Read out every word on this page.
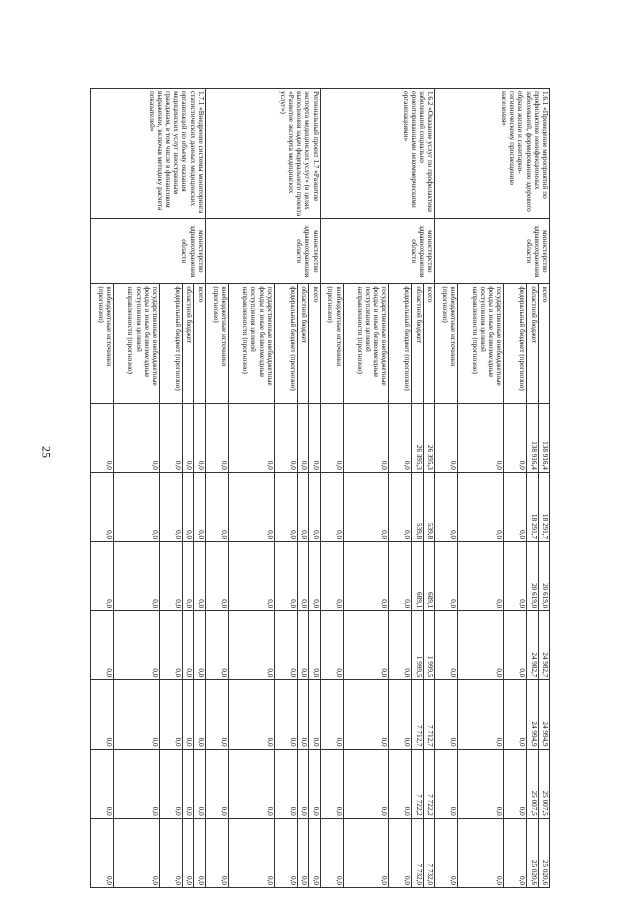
25
1.6.1 «Проведение мероприятий по профилактике неинфекционных заболеваний, формированию здорового образа жизни и санитарно-гигиеническому просвещению населения»	министерство здравоохранения области	всего	138 916,4	18 291,7	20 619,0	24 982,7	24 994,9	25 007,5	25 020,6
		областной бюджет	138 916,4	18 291,7	20 619,0	24 982,7	24 994,9	25 007,5	25 020,6
		федеральный бюджет (прогнозно)	0,0	0,0	0,0	0,0	0,0	0,0	0,0
		государственные внебюджетные фонды и иные безвозмездные поступления целевой направленности (прогнозно)	0,0	0,0	0,0	0,0	0,0	0,0	0,0
		внебюджетные источники (прогнозно)	0,0	0,0	0,0	0,0	0,0	0,0	0,0
1.6.2 «Оказание услуг по профилактике заболеваний социально ориентированными некоммерческими организациями»	министерство здравоохранения области	всего	26 395,3	539,8	689,1	1 999,5	7 712,7	7 722,2	7 732,0
		областной бюджет	26 395,3	539,8	689,1	1 999,5	7 712,7	7 722,2	7 732,0
		федеральный бюджет (прогнозно)	0,0	0,0	0,0	0,0	0,0	0,0	0,0
		государственные внебюджетные фонды и иные безвозмездные поступления целевой направленности (прогнозно)	0,0	0,0	0,0	0,0	0,0	0,0	0,0
		внебюджетные источники (прогнозно)	0,0	0,0	0,0	0,0	0,0	0,0	0,0
Региональный проект 1.7 «Развитие экспорта медицинских услуг» (в целях выполнения задач федерального проекта «Развитие экспорта медицинских услуг»)	министерство здравоохранения области	всего	0,0	0,0	0,0	0,0	0,0	0,0	0,0
		областной бюджет	0,0	0,0	0,0	0,0	0,0	0,0	0,0
		федеральный бюджет (прогнозно)	0,0	0,0	0,0	0,0	0,0	0,0	0,0
		государственные внебюджетные фонды и иные безвозмездные поступления целевой направленности (прогнозно)	0,0	0,0	0,0	0,0	0,0	0,0	0,0
		внебюджетные источники (прогнозно)	0,0	0,0	0,0	0,0	0,0	0,0	0,0
1.7.1 «Внедрение системы мониторинга статистических данных медицинских организаций по объему оказания медицинских услуг иностранным гражданам, в том числе в финансовом выражении, включая методику расчета показателей»	министерство здравоохранения области	всего	0,0	0,0	0,0	0,0	0,0	0,0	0,0
		областной бюджет	0,0	0,0	0,0	0,0	0,0	0,0	0,0
		федеральный бюджет (прогнозно)	0,0	0,0	0,0	0,0	0,0	0,0	0,0
		государственные внебюджетные фонды и иные безвозмездные поступления целевой направленности (прогнозно)	0,0	0,0	0,0	0,0	0,0	0,0	0,0
		внебюджетные источники (прогнозно)	0,0	0,0	0,0	0,0	0,0	0,0	0,0
